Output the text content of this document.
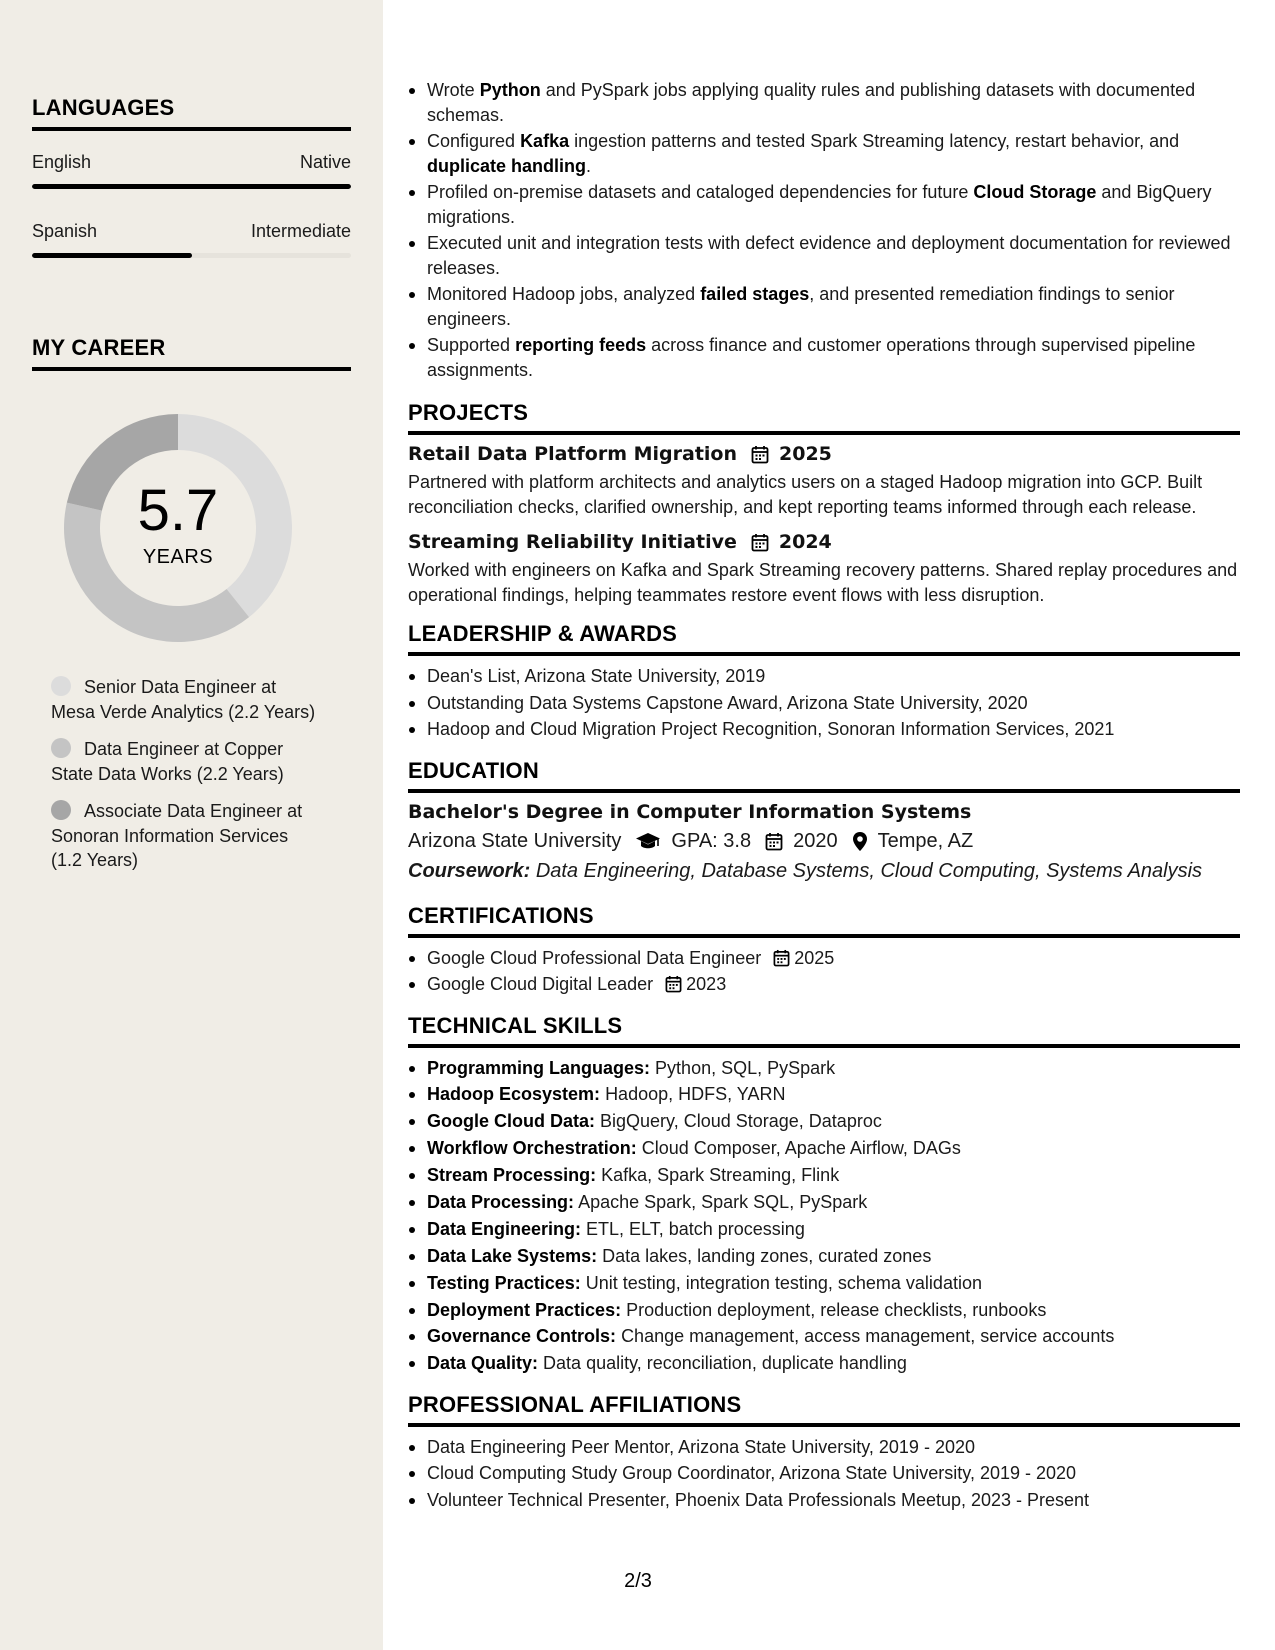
LANGUAGES
English	Native
Spanish	Intermediate
MY CAREER
5.7
YEARS
Senior Data Engineer at Mesa Verde Analytics (2.2 Years)
Data Engineer at Copper State Data Works (2.2 Years)
Associate Data Engineer at Sonoran Information Services (1.2 Years)
Wrote Python and PySpark jobs applying quality rules and publishing datasets with documented schemas.
Configured Kafka ingestion patterns and tested Spark Streaming latency, restart behavior, and duplicate handling.
Profiled on-premise datasets and cataloged dependencies for future Cloud Storage and BigQuery migrations.
Executed unit and integration tests with defect evidence and deployment documentation for reviewed releases.
Monitored Hadoop jobs, analyzed failed stages, and presented remediation findings to senior engineers.
Supported reporting feeds across finance and customer operations through supervised pipeline assignments.
PROJECTS
Retail Data Platform Migration 2025
Partnered with platform architects and analytics users on a staged Hadoop migration into GCP. Built reconciliation checks, clarified ownership, and kept reporting teams informed through each release.
Streaming Reliability Initiative 2024
Worked with engineers on Kafka and Spark Streaming recovery patterns. Shared replay procedures and operational findings, helping teammates restore event flows with less disruption.
LEADERSHIP & AWARDS
Dean's List, Arizona State University, 2019
Outstanding Data Systems Capstone Award, Arizona State University, 2020
Hadoop and Cloud Migration Project Recognition, Sonoran Information Services, 2021
EDUCATION
Bachelor's Degree in Computer Information Systems
Arizona State University	GPA: 3.8 2020 Tempe, AZ
Coursework: Data Engineering, Database Systems, Cloud Computing, Systems Analysis
CERTIFICATIONS
Google Cloud Professional Data Engineer 2025
Google Cloud Digital Leader 2023
TECHNICAL SKILLS
Programming Languages: Python, SQL, PySpark
Hadoop Ecosystem: Hadoop, HDFS, YARN
Google Cloud Data: BigQuery, Cloud Storage, Dataproc
Workflow Orchestration: Cloud Composer, Apache Airflow, DAGs
Stream Processing: Kafka, Spark Streaming, Flink
Data Processing: Apache Spark, Spark SQL, PySpark
Data Engineering: ETL, ELT, batch processing
Data Lake Systems: Data lakes, landing zones, curated zones
Testing Practices: Unit testing, integration testing, schema validation
Deployment Practices: Production deployment, release checklists, runbooks
Governance Controls: Change management, access management, service accounts
Data Quality: Data quality, reconciliation, duplicate handling
PROFESSIONAL AFFILIATIONS
Data Engineering Peer Mentor, Arizona State University, 2019 - 2020
Cloud Computing Study Group Coordinator, Arizona State University, 2019 - 2020
Volunteer Technical Presenter, Phoenix Data Professionals Meetup, 2023 - Present
2/3
